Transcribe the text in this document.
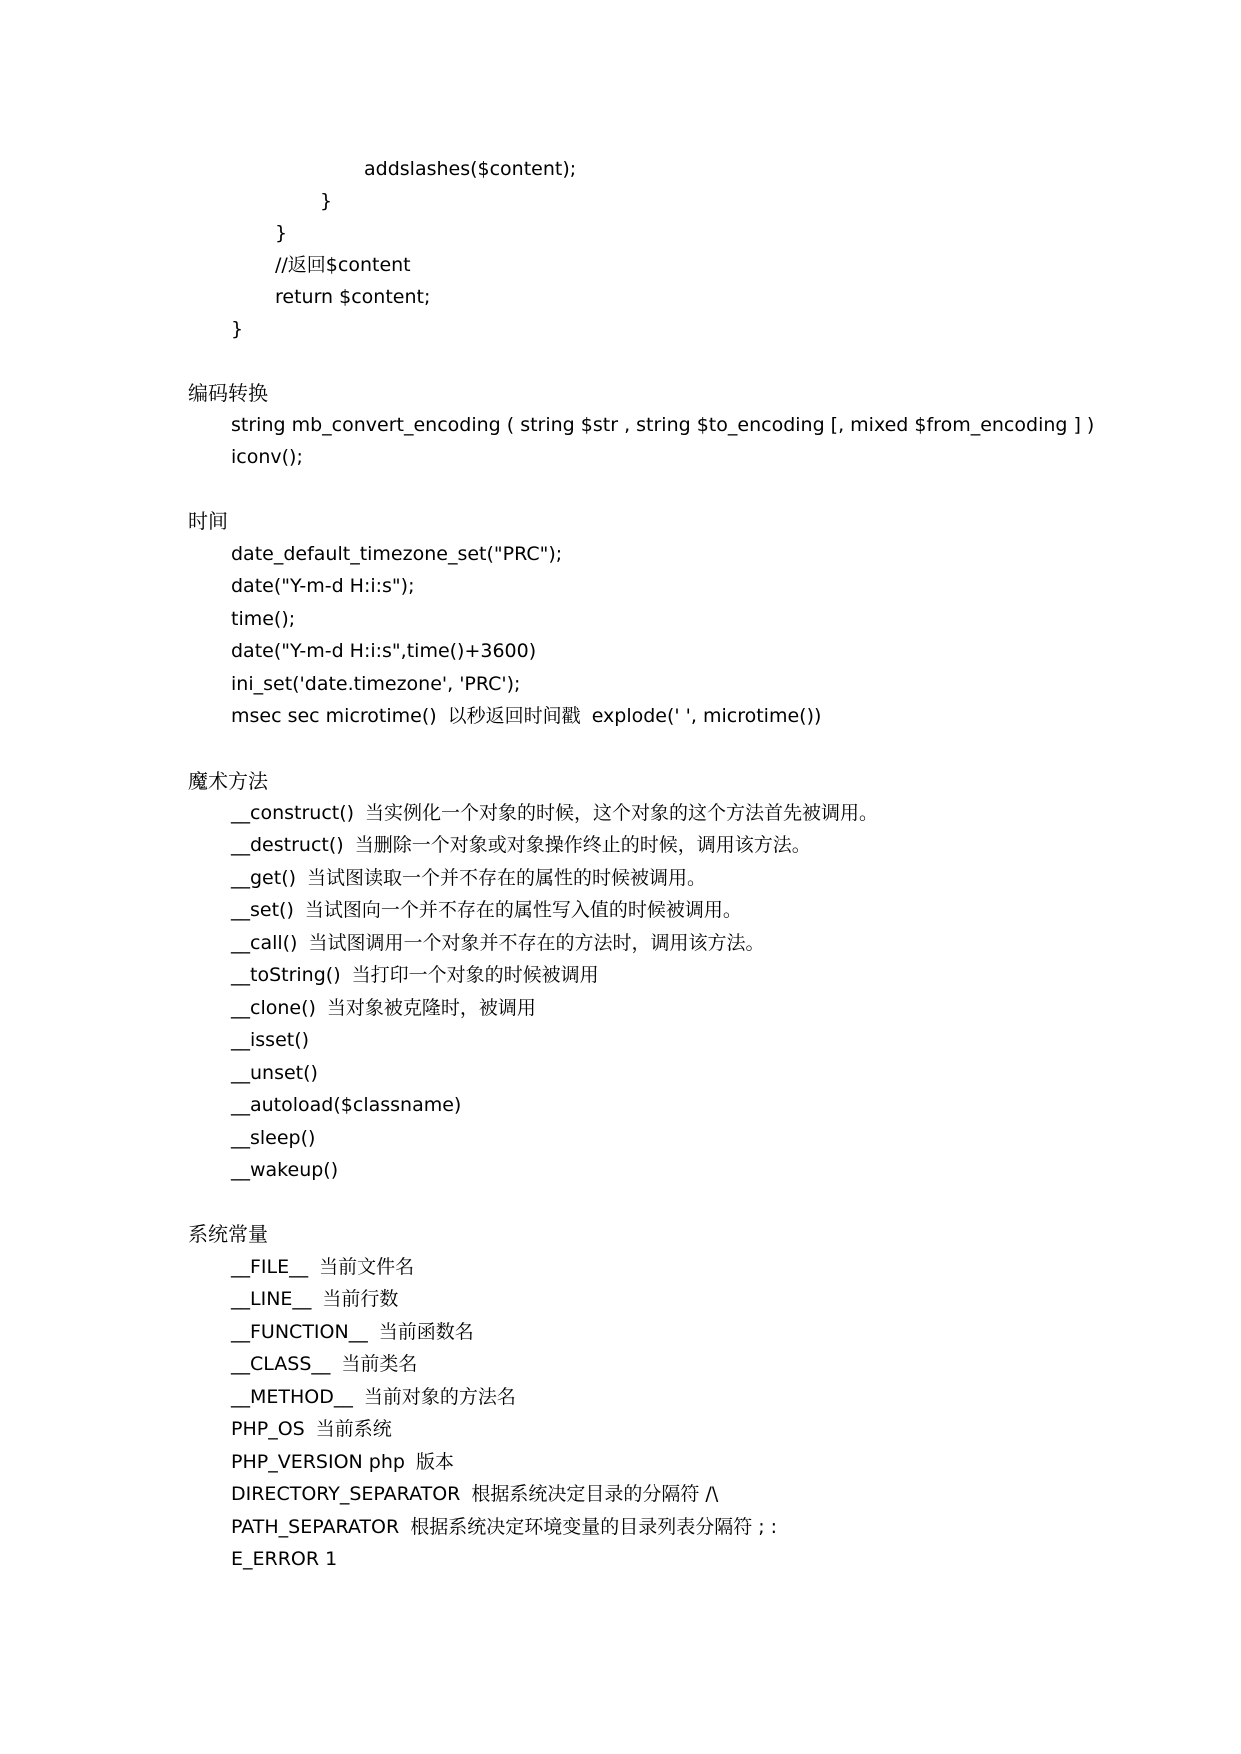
addslashes($content);
}
}
//返回$content
return $content;
}
编码转换
string mb_convert_encoding ( string $str , string $to_encoding [, mixed $from_encoding ] )
iconv();
时间
date_default_timezone_set("PRC");
date("Y-m-d H:i:s");
time();
date("Y-m-d H:i:s",time()+3600)
ini_set('date.timezone', 'PRC');
msec sec microtime() 以秒返回时间戳 explode(' ', microtime())
魔术方法
__construct() 当实例化一个对象的时候，这个对象的这个方法首先被调用。
__destruct() 当删除一个对象或对象操作终止的时候，调用该方法。
__get() 当试图读取一个并不存在的属性的时候被调用。
__set() 当试图向一个并不存在的属性写入值的时候被调用。
__call() 当试图调用一个对象并不存在的方法时，调用该方法。
__toString() 当打印一个对象的时候被调用
__clone() 当对象被克隆时，被调用
__isset()
__unset()
__autoload($classname)
__sleep()
__wakeup()
系统常量
__FILE__ 当前文件名
__LINE__ 当前行数
__FUNCTION__ 当前函数名
__CLASS__ 当前类名
__METHOD__ 当前对象的方法名
PHP_OS 当前系统
PHP_VERSION php 版本
DIRECTORY_SEPARATOR 根据系统决定目录的分隔符 /\
PATH_SEPARATOR 根据系统决定环境变量的目录列表分隔符 ; :
E_ERROR 1
